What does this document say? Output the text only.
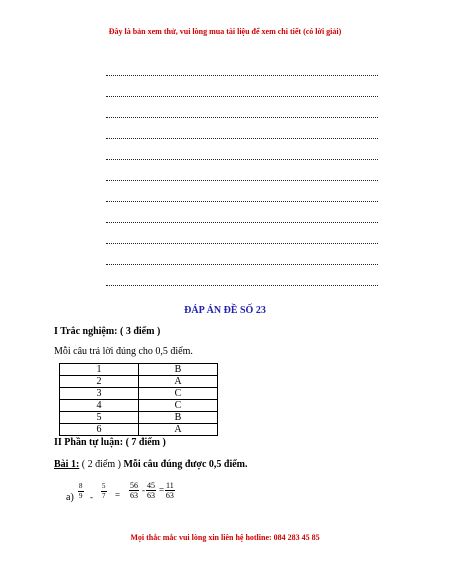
Đây là bản xem thử, vui lòng mua tài liệu để xem chi tiết (có lời giải)
ĐÁP ÁN ĐỀ SỐ 23
I Trắc nghiệm: ( 3 điểm )
Mỗi câu trả lời đúng cho 0,5 điểm.
1	B
2	A
3	C
4	C
5	B
6	A
II Phần tự luận: ( 7 điểm )
Bài 1: ( 2 điểm ) Mỗi câu đúng được 0,5 điểm.
$a) \frac{8}{9} - \frac{5}{7} = \frac{56}{63} - \frac{45}{63} = \frac{11}{63}$
Mọi thắc mắc vui lòng xin liên hệ hotline: 084 283 45 85
